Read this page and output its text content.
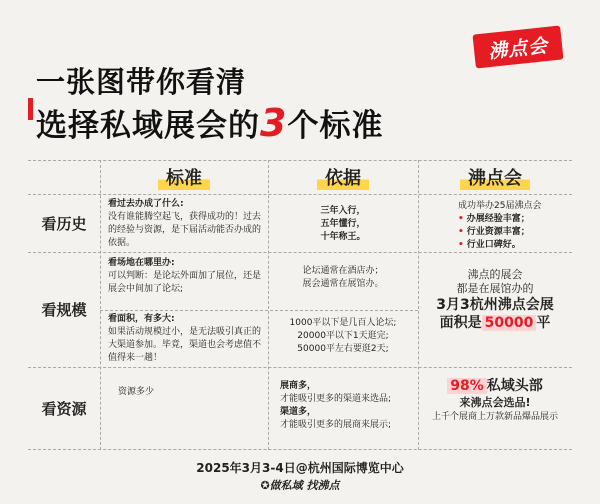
一张图带你看清
选择私域展会的3个标准
沸点会
标准	依据	沸点会
看历史
看过去办成了什么:
没有谁能腾空起飞，获得成功的！过去的经验与资源，是下届活动能否办成的依据。
三年入行，
五年懂行，
十年称王。
成功举办25届沸点会
• 办展经验丰富；
• 行业资源丰富；
• 行业口碑好。
看规模
看场地在哪里办:
可以判断：是论坛外面加了展位，还是展会中间加了论坛;
论坛通常在酒店办；
展会通常在展馆办。
看面积，有多大:
如果活动规模过小，是无法吸引真正的大渠道参加。毕竟，渠道也会考虑值不值得来一趟！
1000平以下是几百人论坛;
20000平以下1天逛完;
50000平左右要逛2天;
沸点的展会
都是在展馆办的
3月3杭州沸点会展
面积是 50000 平
看资源
资源多少
展商多，
才能吸引更多的渠道来选品;
渠道多，
才能吸引更多的展商来展示;
98% 私域头部
来沸点会选品!
上千个展商上万款新品爆品展示
2025年3月3-4日@杭州国际博览中心
✪做私域 找沸点
